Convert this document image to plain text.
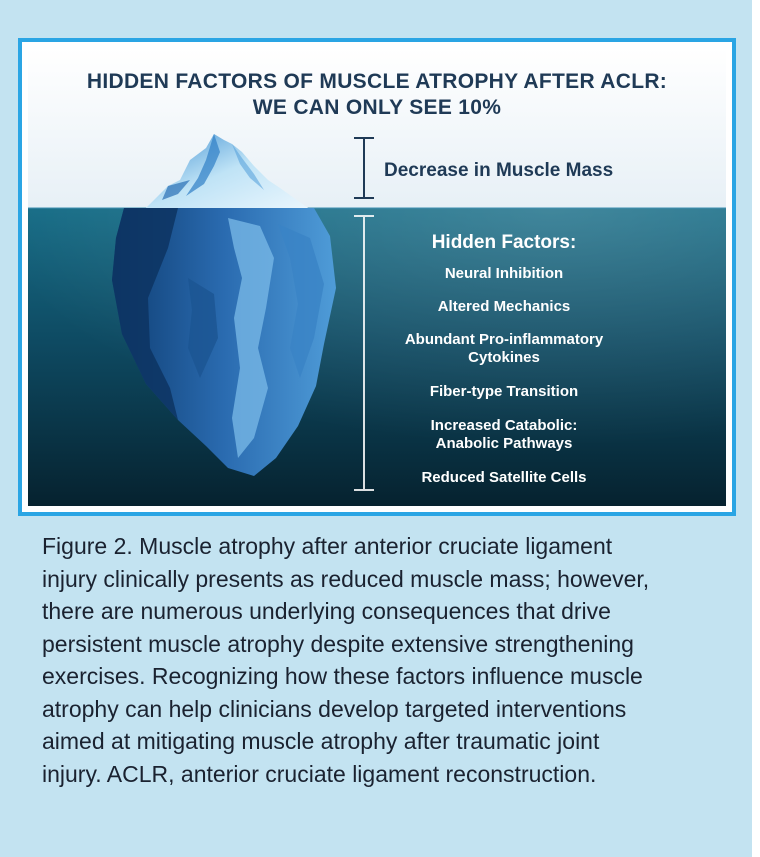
HIDDEN FACTORS OF MUSCLE ATROPHY AFTER ACLR:
WE CAN ONLY SEE 10%
Decrease in Muscle Mass
Hidden Factors:
Neural Inhibition
Altered Mechanics
Abundant Pro-inflammatory
Cytokines
Fiber-type Transition
Increased Catabolic:
Anabolic Pathways
Reduced Satellite Cells

Figure 2. Muscle atrophy after anterior cruciate ligament
injury clinically presents as reduced muscle mass; however,
there are numerous underlying consequences that drive
persistent muscle atrophy despite extensive strengthening
exercises. Recognizing how these factors influence muscle
atrophy can help clinicians develop targeted interventions
aimed at mitigating muscle atrophy after traumatic joint
injury. ACLR, anterior cruciate ligament reconstruction.
